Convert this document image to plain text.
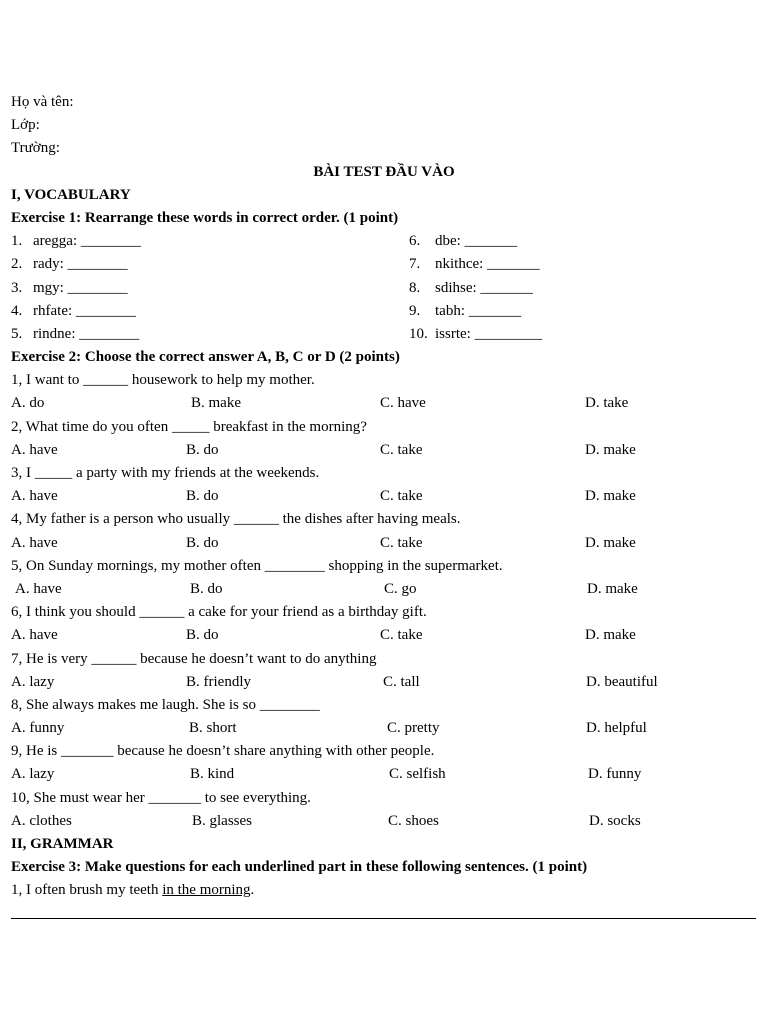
Họ và tên:
Lớp:
Trường:
BÀI TEST ĐẦU VÀO
I, VOCABULARY
Exercise 1: Rearrange these words in correct order. (1 point)
1. aregga: ________	6. dbe: _______
2. rady: ________	7. nkithce: _______
3. mgy: ________	8. sdihse: _______
4. rhfate: ________	9. tabh: _______
5. rindne: ________	10. issrte: _________
Exercise 2: Choose the correct answer A, B, C or D (2 points)
1, I want to ______ housework to help my mother.
A. do	B. make	C. have	D. take
2, What time do you often _____ breakfast in the morning?
A. have	B. do	C. take	D. make
3, I _____ a party with my friends at the weekends.
A. have	B. do	C. take	D. make
4, My father is a person who usually ______ the dishes after having meals.
A. have	B. do	C. take	D. make
5, On Sunday mornings, my mother often ________ shopping in the supermarket.
A. have	B. do	C. go	D. make
6, I think you should ______ a cake for your friend as a birthday gift.
A. have	B. do	C. take	D. make
7, He is very ______ because he doesn’t want to do anything
A. lazy	B. friendly	C. tall	D. beautiful
8, She always makes me laugh. She is so ________
A. funny	B. short	C. pretty	D. helpful
9, He is _______ because he doesn’t share anything with other people.
A. lazy	B. kind	C. selfish	D. funny
10, She must wear her _______ to see everything.
A. clothes	B. glasses	C. shoes	D. socks
II, GRAMMAR
Exercise 3: Make questions for each underlined part in these following sentences. (1 point)
1, I often brush my teeth in the morning.
